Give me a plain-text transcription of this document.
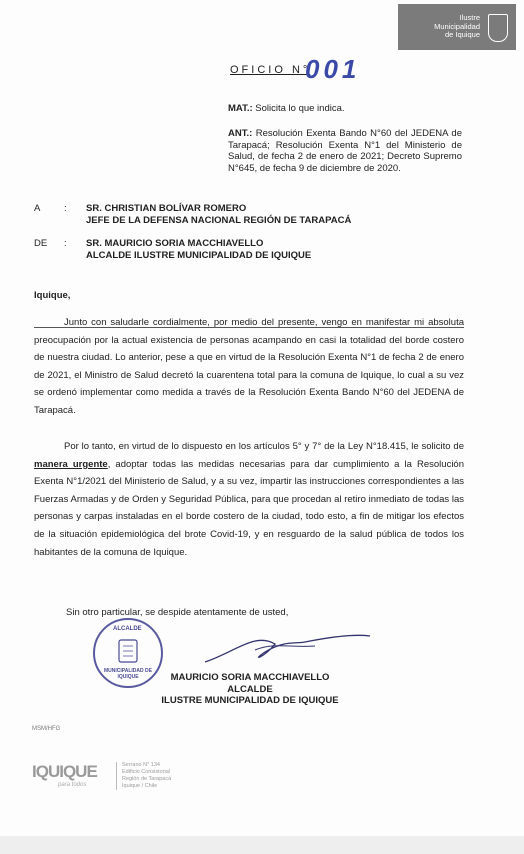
Ilustre
Municipalidad
de Iquique
OFICIO N°
001
MAT.: Solicita lo que indica.
ANT.: Resolución Exenta Bando N°60 del JEDENA de Tarapacá; Resolución Exenta N°1 del Ministerio de Salud, de fecha 2 de enero de 2021; Decreto Supremo N°645, de fecha 9 de diciembre de 2020.
A : SR. CHRISTIAN BOLÍVAR ROMERO
JEFE DE LA DEFENSA NACIONAL REGIÓN DE TARAPACÁ
DE : SR. MAURICIO SORIA MACCHIAVELLO
ALCALDE ILUSTRE MUNICIPALIDAD DE IQUIQUE
Iquique,
Junto con saludarle cordialmente, por medio del presente, vengo en manifestar mi absoluta preocupación por la actual existencia de personas acampando en casi la totalidad del borde costero de nuestra ciudad. Lo anterior, pese a que en virtud de la Resolución Exenta N°1 de fecha 2 de enero de 2021, el Ministro de Salud decretó la cuarentena total para la comuna de Iquique, lo cual a su vez se ordenó implementar como medida a través de la Resolución Exenta Bando N°60 del JEDENA de Tarapacá.
Por lo tanto, en virtud de lo dispuesto en los artículos 5° y 7° de la Ley N°18.415, le solicito de manera urgente, adoptar todas las medidas necesarias para dar cumplimiento a la Resolución Exenta N°1/2021 del Ministerio de Salud, y a su vez, impartir las instrucciones correspondientes a las Fuerzas Armadas y de Orden y Seguridad Pública, para que procedan al retiro inmediato de todas las personas y carpas instaladas en el borde costero de la ciudad, todo esto, a fin de mitigar los efectos de la situación epidemiológica del brote Covid-19, y en resguardo de la salud pública de todos los habitantes de la comuna de Iquique.
Sin otro particular, se despide atentamente de usted,
ALCALDE
MUNICIPALIDAD DE IQUIQUE	MAURICIO SORIA MACCHIAVELLO
ALCALDE
ILUSTRE MUNICIPALIDAD DE IQUIQUE
MSM/HFG
IQUIQUE
para todos
Serrano N° 134
Edificio Consistorial
Región de Tarapacá
Iquique / Chile
